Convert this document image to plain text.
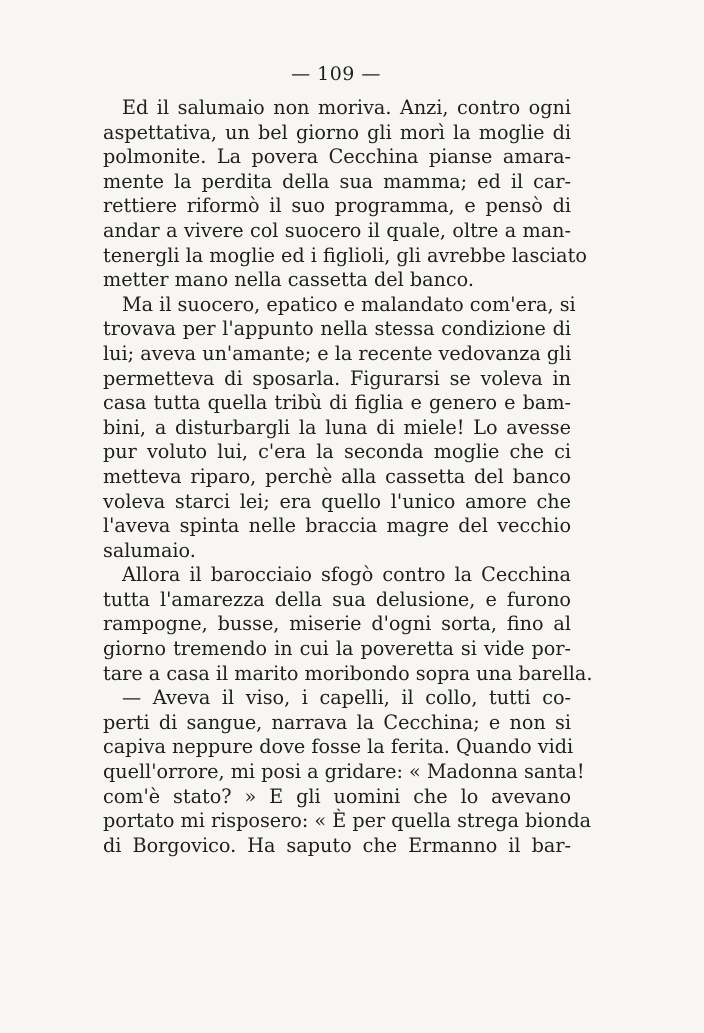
— 109 —
Ed il salumaio non moriva. Anzi, contro ogni
aspettativa, un bel giorno gli morì la moglie di
polmonite. La povera Cecchina pianse amara-
mente la perdita della sua mamma; ed il car-
rettiere riformò il suo programma, e pensò di
andar a vivere col suocero il quale, oltre a man-
tenergli la moglie ed i figlioli, gli avrebbe lasciato
metter mano nella cassetta del banco.
Ma il suocero, epatico e malandato com'era, si
trovava per l'appunto nella stessa condizione di
lui; aveva un'amante; e la recente vedovanza gli
permetteva di sposarla. Figurarsi se voleva in
casa tutta quella tribù di figlia e genero e bam-
bini, a disturbargli la luna di miele! Lo avesse
pur voluto lui, c'era la seconda moglie che ci
metteva riparo, perchè alla cassetta del banco
voleva starci lei; era quello l'unico amore che
l'aveva spinta nelle braccia magre del vecchio
salumaio.
Allora il barocciaio sfogò contro la Cecchina
tutta l'amarezza della sua delusione, e furono
rampogne, busse, miserie d'ogni sorta, fino al
giorno tremendo in cui la poveretta si vide por-
tare a casa il marito moribondo sopra una barella.
— Aveva il viso, i capelli, il collo, tutti co-
perti di sangue, narrava la Cecchina; e non si
capiva neppure dove fosse la ferita. Quando vidi
quell'orrore, mi posi a gridare: « Madonna santa!
com'è stato? » E gli uomini che lo avevano
portato mi risposero: « È per quella strega bionda
di Borgovico. Ha saputo che Ermanno il bar-
